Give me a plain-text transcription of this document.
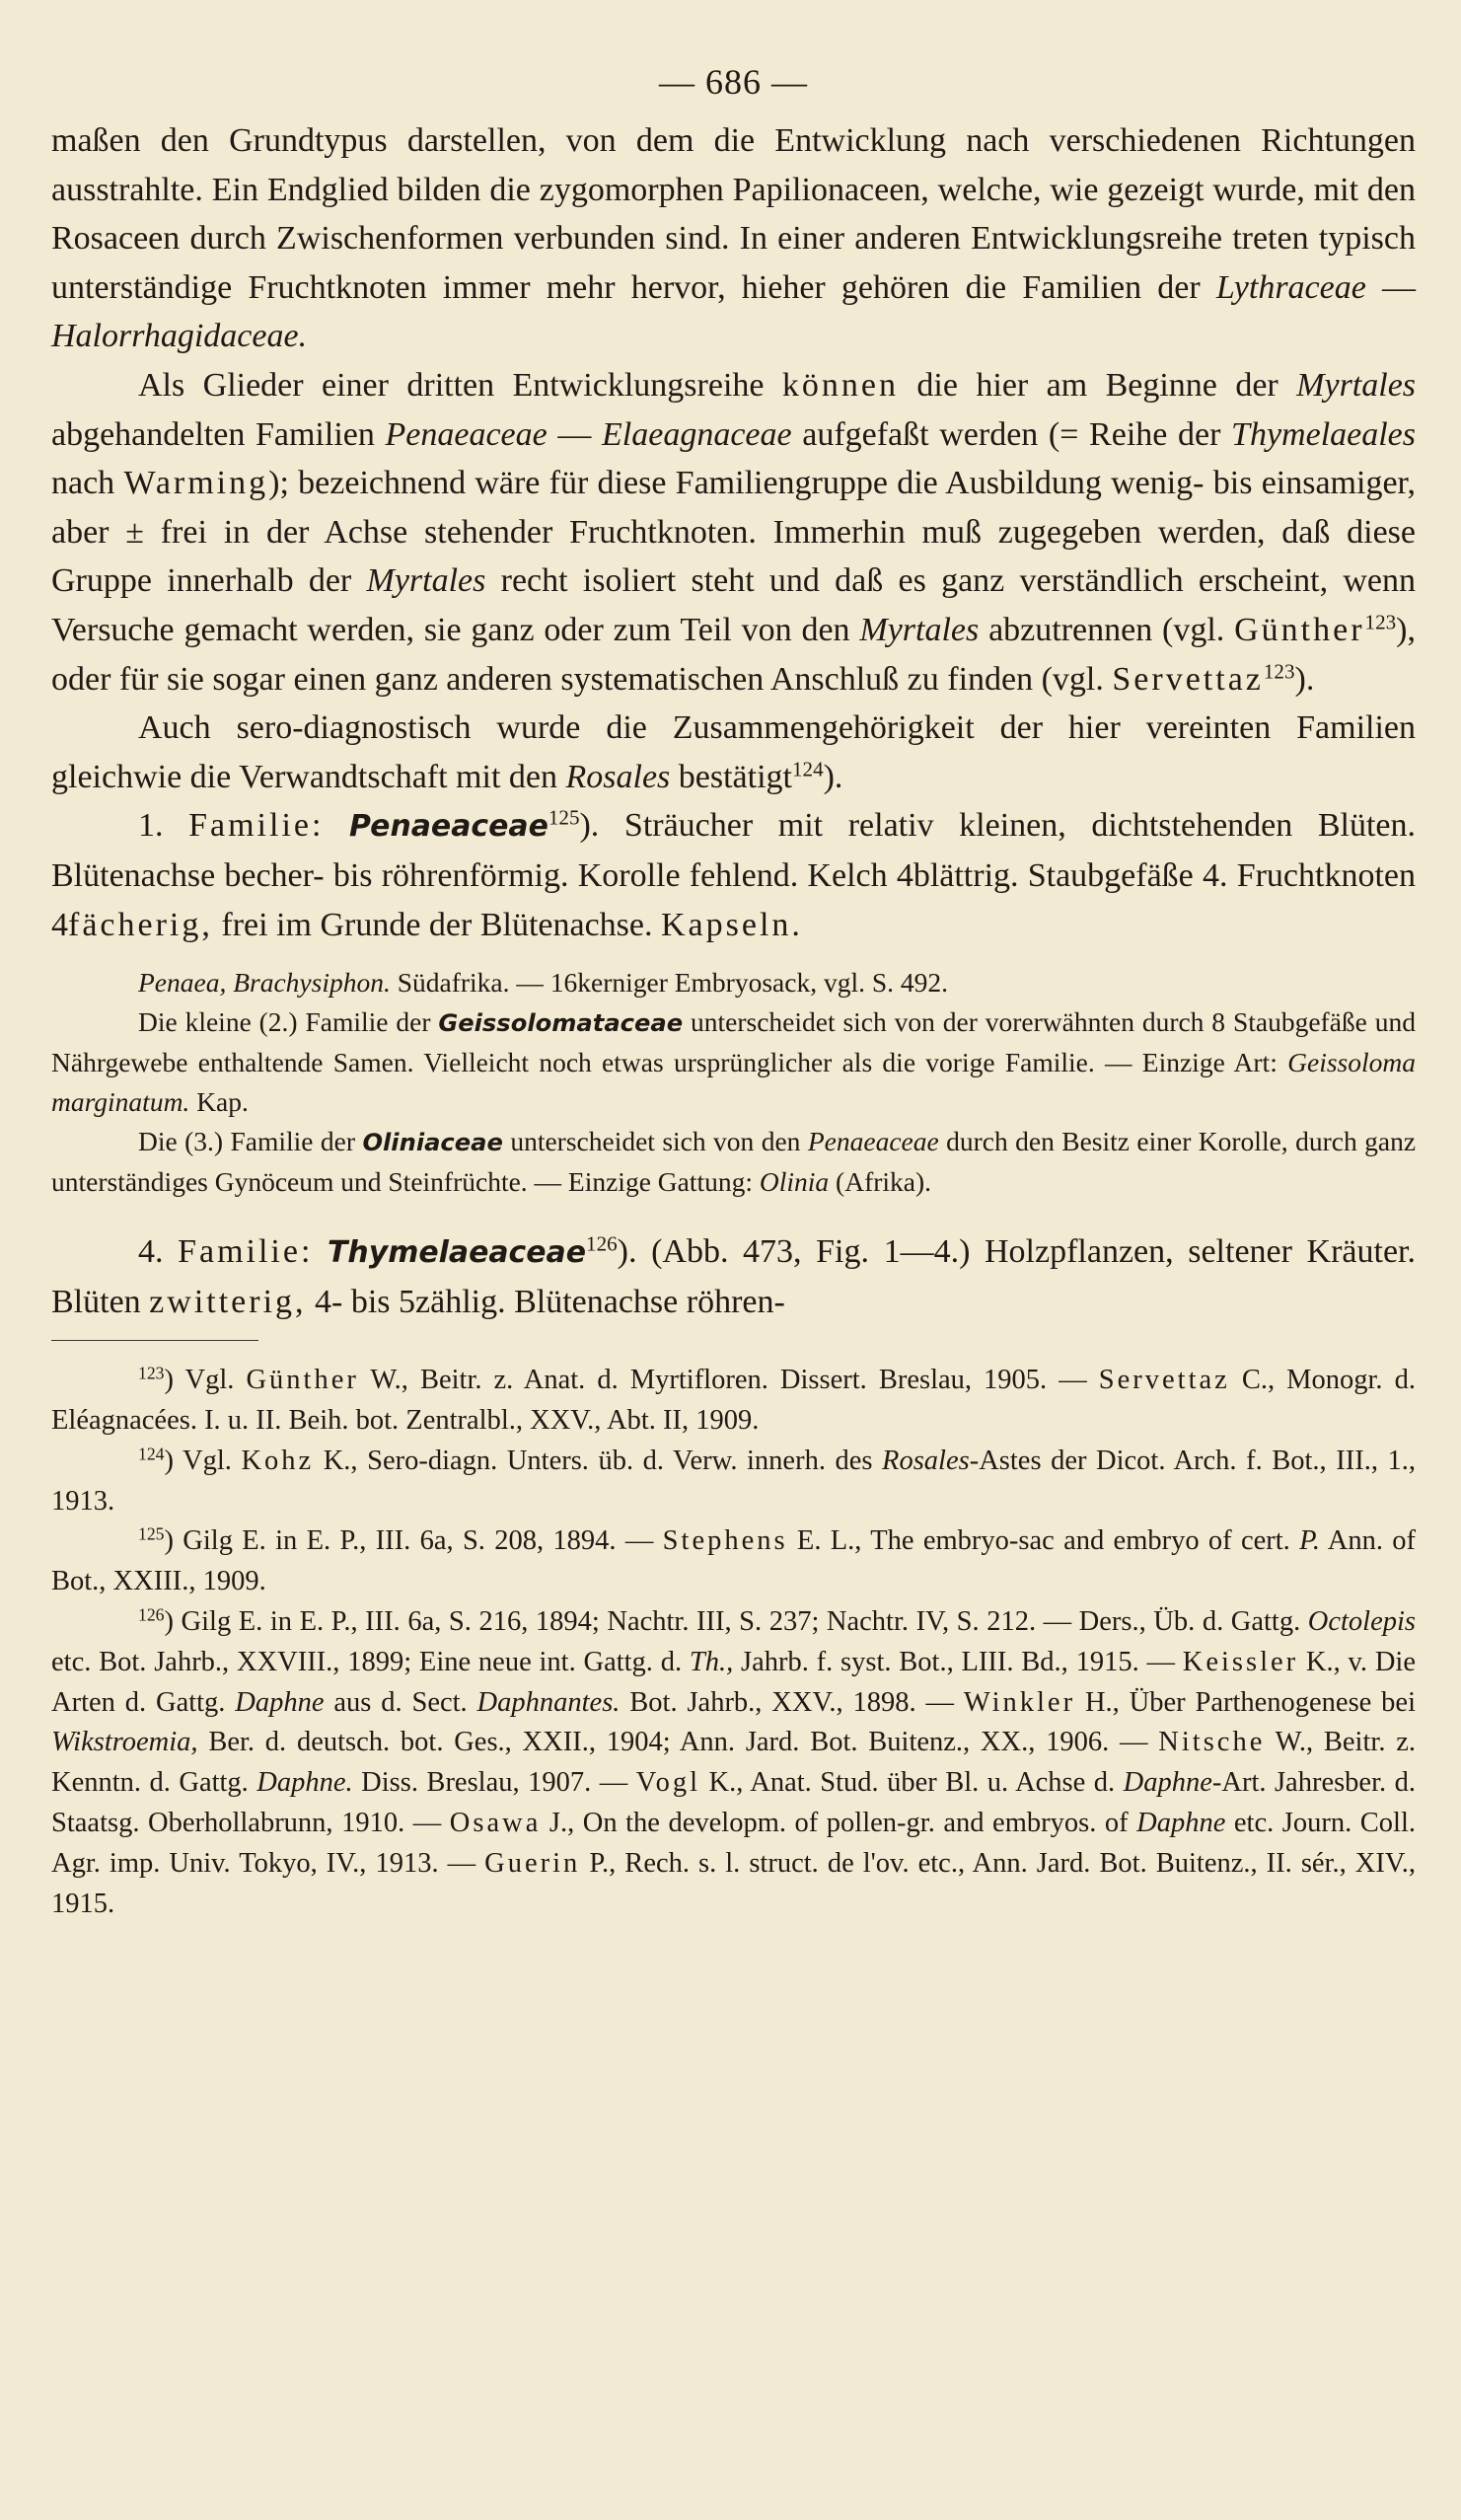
— 686 —

maßen den Grundtypus darstellen, von dem die Entwicklung nach verschiedenen Richtungen ausstrahlte. Ein Endglied bilden die zygomorphen Papilionaceen, welche, wie gezeigt wurde, mit den Rosaceen durch Zwischenformen verbunden sind. In einer anderen Entwicklungsreihe treten typisch unterständige Fruchtknoten immer mehr hervor, hieher gehören die Familien der Lythraceae — Halorrhagidaceae.

Als Glieder einer dritten Entwicklungsreihe können die hier am Beginne der Myrtales abgehandelten Familien Penaeaceae — Elaeagnaceae aufgefaßt werden (= Reihe der Thymelaeales nach Warming); bezeichnend wäre für diese Familiengruppe die Ausbildung wenig- bis einsamiger, aber ± frei in der Achse stehender Fruchtknoten. Immerhin muß zugegeben werden, daß diese Gruppe innerhalb der Myrtales recht isoliert steht und daß es ganz verständlich erscheint, wenn Versuche gemacht werden, sie ganz oder zum Teil von den Myrtales abzutrennen (vgl. Günther$^{123}$), oder für sie sogar einen ganz anderen systematischen Anschluß zu finden (vgl. Servettaz$^{123}$).

Auch sero-diagnostisch wurde die Zusammengehörigkeit der hier vereinten Familien gleichwie die Verwandtschaft mit den Rosales bestätigt$^{124}$).

1. Familie: Penaeaceae$^{125}$). Sträucher mit relativ kleinen, dichtstehenden Blüten. Blütenachse becher- bis röhrenförmig. Korolle fehlend. Kelch 4blättrig. Staubgefäße 4. Fruchtknoten 4fächerig, frei im Grunde der Blütenachse. Kapseln.

Penaea, Brachysiphon. Südafrika. — 16kerniger Embryosack, vgl. S. 492.

Die kleine (2.) Familie der Geissolomataceae unterscheidet sich von der vorerwähnten durch 8 Staubgefäße und Nährgewebe enthaltende Samen. Vielleicht noch etwas ursprünglicher als die vorige Familie. — Einzige Art: Geissoloma marginatum. Kap.

Die (3.) Familie der Oliniaceae unterscheidet sich von den Penaeaceae durch den Besitz einer Korolle, durch ganz unterständiges Gynöceum und Steinfrüchte. — Einzige Gattung: Olinia (Afrika).

4. Familie: Thymelaeaceae$^{126}$). (Abb. 473, Fig. 1—4.) Holzpflanzen, seltener Kräuter. Blüten zwitterig, 4- bis 5zählig. Blütenachse röhren-

$^{123}$) Vgl. Günther W., Beitr. z. Anat. d. Myrtifloren. Dissert. Breslau, 1905. — Servettaz C., Monogr. d. Eléagnacées. I. u. II. Beih. bot. Zentralbl., XXV., Abt. II, 1909.

$^{124}$) Vgl. Kohz K., Sero-diagn. Unters. üb. d. Verw. innerh. des Rosales-Astes der Dicot. Arch. f. Bot., III., 1., 1913.

$^{125}$) Gilg E. in E. P., III. 6a, S. 208, 1894. — Stephens E. L., The embryo-sac and embryo of cert. P. Ann. of Bot., XXIII., 1909.

$^{126}$) Gilg E. in E. P., III. 6a, S. 216, 1894; Nachtr. III, S. 237; Nachtr. IV, S. 212. — Ders., Üb. d. Gattg. Octolepis etc. Bot. Jahrb., XXVIII., 1899; Eine neue int. Gattg. d. Th., Jahrb. f. syst. Bot., LIII. Bd., 1915. — Keissler K., v. Die Arten d. Gattg. Daphne aus d. Sect. Daphnantes. Bot. Jahrb., XXV., 1898. — Winkler H., Über Parthenogenese bei Wikstroemia, Ber. d. deutsch. bot. Ges., XXII., 1904; Ann. Jard. Bot. Buitenz., XX., 1906. — Nitsche W., Beitr. z. Kenntn. d. Gattg. Daphne. Diss. Breslau, 1907. — Vogl K., Anat. Stud. über Bl. u. Achse d. Daphne-Art. Jahresber. d. Staatsg. Oberhollabrunn, 1910. — Osawa J., On the developm. of pollen-gr. and embryos. of Daphne etc. Journ. Coll. Agr. imp. Univ. Tokyo, IV., 1913. — Guerin P., Rech. s. l. struct. de l'ov. etc., Ann. Jard. Bot. Buitenz., II. sér., XIV., 1915.
